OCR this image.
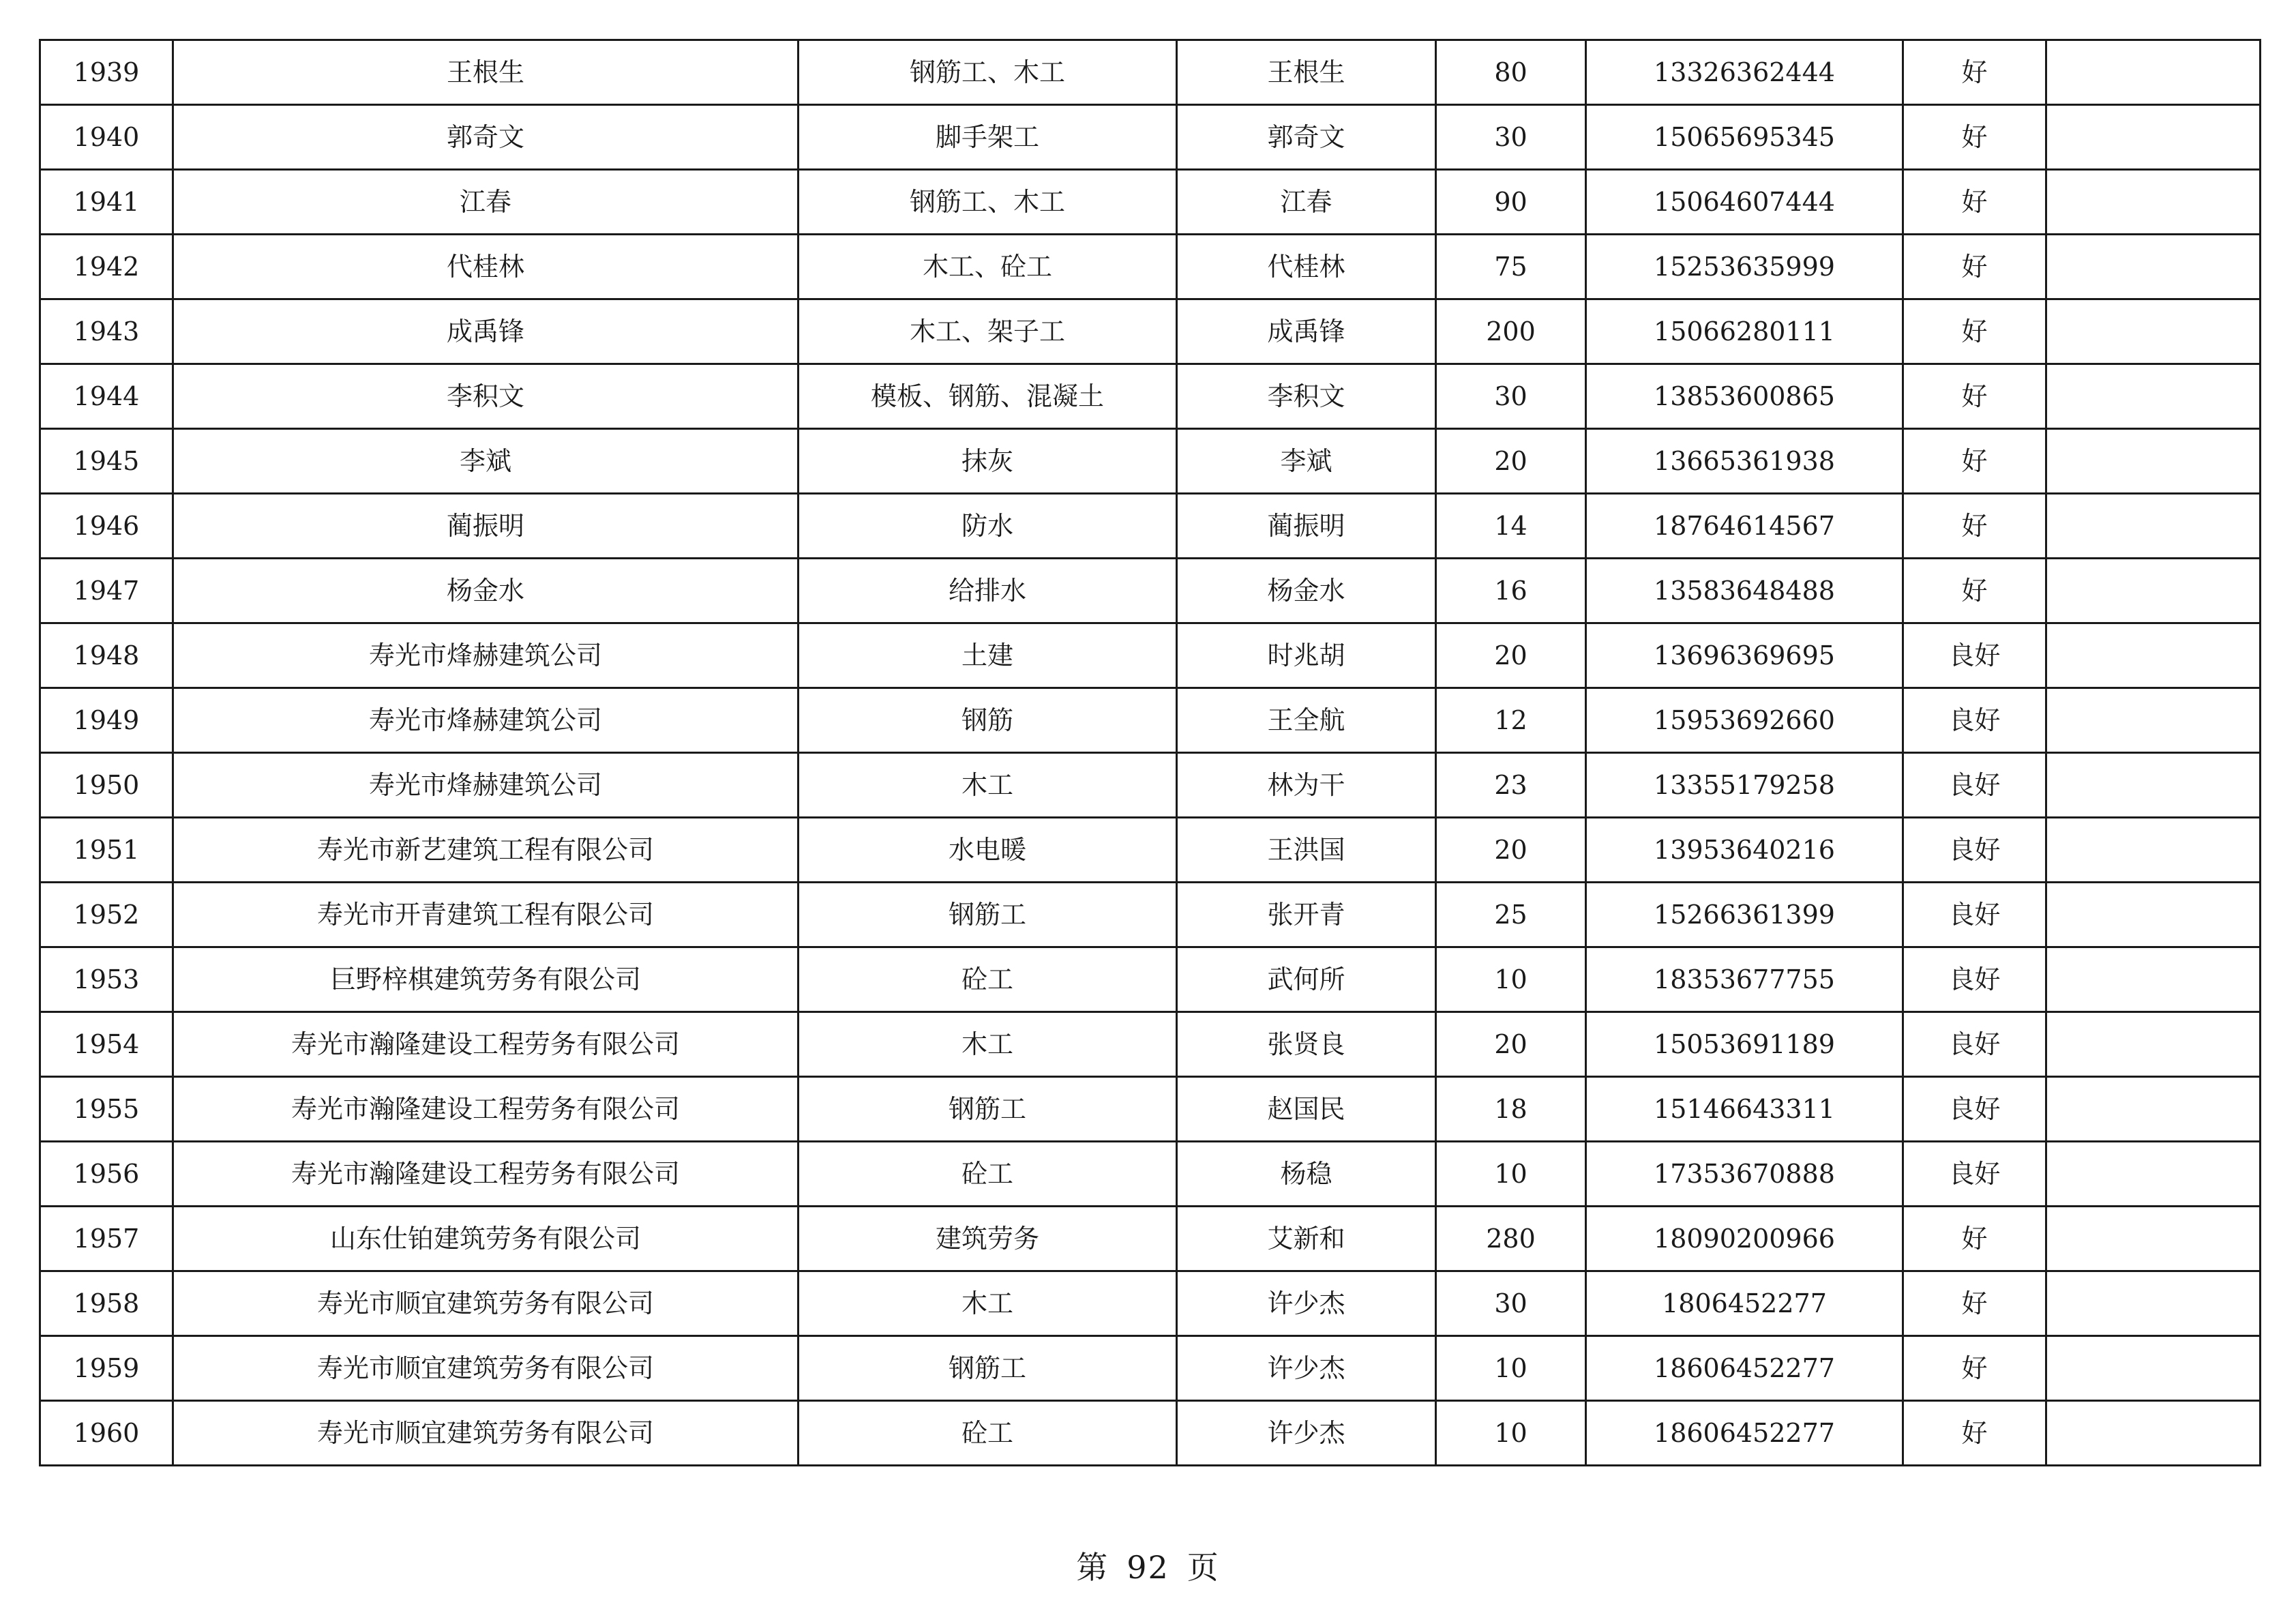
1939	王根生	钢筋工、木工	王根生	80	13326362444	好	
1940	郭奇文	脚手架工	郭奇文	30	15065695345	好	
1941	江春	钢筋工、木工	江春	90	15064607444	好	
1942	代桂林	木工、砼工	代桂林	75	15253635999	好	
1943	成禹锋	木工、架子工	成禹锋	200	15066280111	好	
1944	李积文	模板、钢筋、混凝土	李积文	30	13853600865	好	
1945	李斌	抹灰	李斌	20	13665361938	好	
1946	蔺振明	防水	蔺振明	14	18764614567	好	
1947	杨金水	给排水	杨金水	16	13583648488	好	
1948	寿光市烽赫建筑公司	土建	时兆胡	20	13696369695	良好	
1949	寿光市烽赫建筑公司	钢筋	王全航	12	15953692660	良好	
1950	寿光市烽赫建筑公司	木工	林为干	23	13355179258	良好	
1951	寿光市新艺建筑工程有限公司	水电暖	王洪国	20	13953640216	良好	
1952	寿光市开青建筑工程有限公司	钢筋工	张开青	25	15266361399	良好	
1953	巨野梓棋建筑劳务有限公司	砼工	武何所	10	18353677755	良好	
1954	寿光市瀚隆建设工程劳务有限公司	木工	张贤良	20	15053691189	良好	
1955	寿光市瀚隆建设工程劳务有限公司	钢筋工	赵国民	18	15146643311	良好	
1956	寿光市瀚隆建设工程劳务有限公司	砼工	杨稳	10	17353670888	良好	
1957	山东仕铂建筑劳务有限公司	建筑劳务	艾新和	280	18090200966	好	
1958	寿光市顺宜建筑劳务有限公司	木工	许少杰	30	1806452277	好	
1959	寿光市顺宜建筑劳务有限公司	钢筋工	许少杰	10	18606452277	好	
1960	寿光市顺宜建筑劳务有限公司	砼工	许少杰	10	18606452277	好	
第 92 页
